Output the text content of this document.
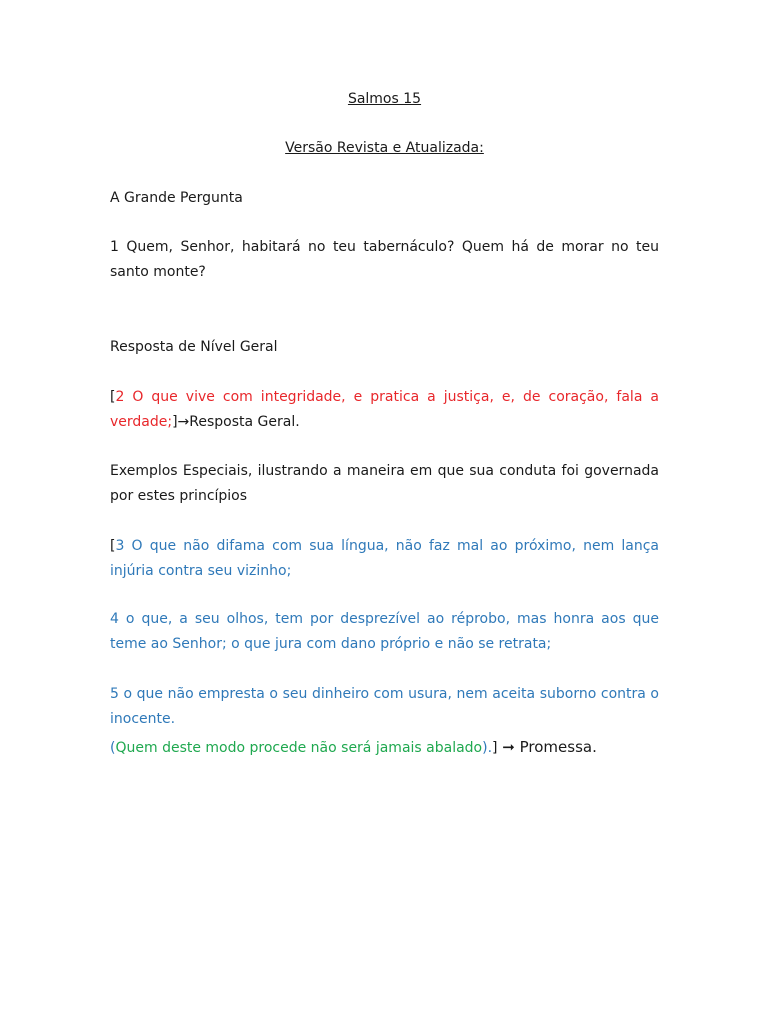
Salmos 15
Versão Revista e Atualizada:
A Grande Pergunta
1 Quem, Senhor, habitará no teu tabernáculo? Quem há de morar no teu santo monte?
Resposta de Nível Geral
[2 O que vive com integridade, e pratica a justiça, e, de coração, fala a verdade;]→Resposta Geral.
Exemplos Especiais, ilustrando a maneira em que sua conduta foi governada por estes princípios
[3 O que não difama com sua língua, não faz mal ao próximo, nem lança injúria contra seu vizinho;
4 o que, a seu olhos, tem por desprezível ao réprobo, mas honra aos que teme ao Senhor; o que jura com dano próprio e não se retrata;
5 o que não empresta o seu dinheiro com usura, nem aceita suborno contra o inocente.
(Quem deste modo procede não será jamais abalado).] ➞ Promessa.
